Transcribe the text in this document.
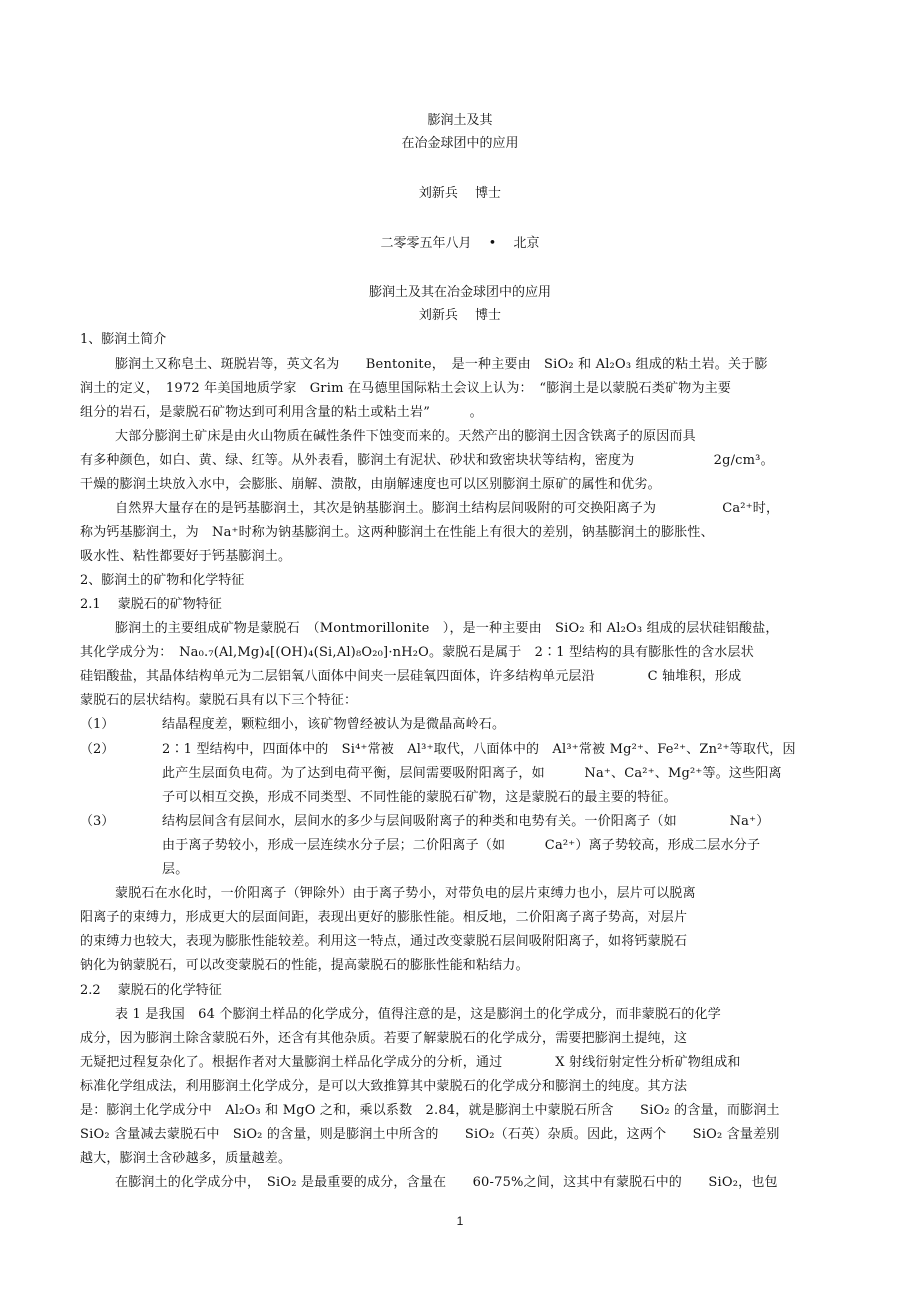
膨润土及其
在冶金球团中的应用
刘新兵　 博士
二零零五年八月　 •　 北京
膨润土及其在冶金球团中的应用
刘新兵　 博士
1、膨润土简介
膨润土又称皂土、斑脱岩等，英文名为　　Bentonite，　是一种主要由　SiO₂ 和 Al₂O₃ 组成的粘土岩。关于膨
润土的定义，　1972 年美国地质学家　Grim 在马德里国际粘土会议上认为：　“膨润土是以蒙脱石类矿物为主要
组分的岩石，是蒙脱石矿物达到可利用含量的粘土或粘土岩”　　　。
大部分膨润土矿床是由火山物质在碱性条件下蚀变而来的。天然产出的膨润土因含铁离子的原因而具
有多种颜色，如白、黄、绿、红等。从外表看，膨润土有泥状、砂状和致密块状等结构，密度为　　　　　　2g/cm³。
干燥的膨润土块放入水中，会膨胀、崩解、溃散，由崩解速度也可以区别膨润土原矿的属性和优劣。
自然界大量存在的是钙基膨润土，其次是钠基膨润土。膨润土结构层间吸附的可交换阳离子为　　　　　Ca²⁺时，
称为钙基膨润土，为　Na⁺时称为钠基膨润土。这两种膨润土在性能上有很大的差别，钠基膨润土的膨胀性、
吸水性、粘性都要好于钙基膨润土。
2、膨润土的矿物和化学特征
2.1　 蒙脱石的矿物特征
膨润土的主要组成矿物是蒙脱石　（Montmorillonite　），是一种主要由　SiO₂ 和 Al₂O₃ 组成的层状硅铝酸盐，
其化学成分为：　Na₀.₇(Al,Mg)₄[(OH)₄(Si,Al)₈O₂₀]·nH₂O。蒙脱石是属于　2∶1 型结构的具有膨胀性的含水层状
硅铝酸盐，其晶体结构单元为二层铝氧八面体中间夹一层硅氧四面体，许多结构单元层沿　　　　C 轴堆积，形成
蒙脱石的层状结构。蒙脱石具有以下三个特征：
（1）	结晶程度差，颗粒细小，该矿物曾经被认为是微晶高岭石。
（2）	2∶1 型结构中，四面体中的　Si⁴⁺常被　Al³⁺取代，八面体中的　Al³⁺常被 Mg²⁺、Fe²⁺、Zn²⁺等取代，因
此产生层面负电荷。为了达到电荷平衡，层间需要吸附阳离子，如　　　Na⁺、Ca²⁺、Mg²⁺等。这些阳离
子可以相互交换，形成不同类型、不同性能的蒙脱石矿物，这是蒙脱石的最主要的特征。
（3）	结构层间含有层间水，层间水的多少与层间吸附离子的种类和电势有关。一价阳离子（如　　　　Na⁺）
由于离子势较小，形成一层连续水分子层；二价阳离子（如　　　Ca²⁺）离子势较高，形成二层水分子
层。
蒙脱石在水化时，一价阳离子（钾除外）由于离子势小，对带负电的层片束缚力也小，层片可以脱离
阳离子的束缚力，形成更大的层面间距，表现出更好的膨胀性能。相反地，二价阳离子离子势高，对层片
的束缚力也较大，表现为膨胀性能较差。利用这一特点，通过改变蒙脱石层间吸附阳离子，如将钙蒙脱石
钠化为钠蒙脱石，可以改变蒙脱石的性能，提高蒙脱石的膨胀性能和粘结力。
2.2　 蒙脱石的化学特征
表 1 是我国　64 个膨润土样品的化学成分，值得注意的是，这是膨润土的化学成分，而非蒙脱石的化学
成分，因为膨润土除含蒙脱石外，还含有其他杂质。若要了解蒙脱石的化学成分，需要把膨润土提纯，这
无疑把过程复杂化了。根据作者对大量膨润土样品化学成分的分析，通过　　　　X 射线衍射定性分析矿物组成和
标准化学组成法，利用膨润土化学成分，是可以大致推算其中蒙脱石的化学成分和膨润土的纯度。其方法
是：膨润土化学成分中　Al₂O₃ 和 MgO 之和，乘以系数　2.84，就是膨润土中蒙脱石所含　　SiO₂ 的含量，而膨润土
SiO₂ 含量减去蒙脱石中　SiO₂ 的含量，则是膨润土中所含的　　SiO₂（石英）杂质。因此，这两个　　SiO₂ 含量差别
越大，膨润土含砂越多，质量越差。
在膨润土的化学成分中，　SiO₂ 是最重要的成分，含量在　　60-75%之间，这其中有蒙脱石中的　　SiO₂，也包
1
